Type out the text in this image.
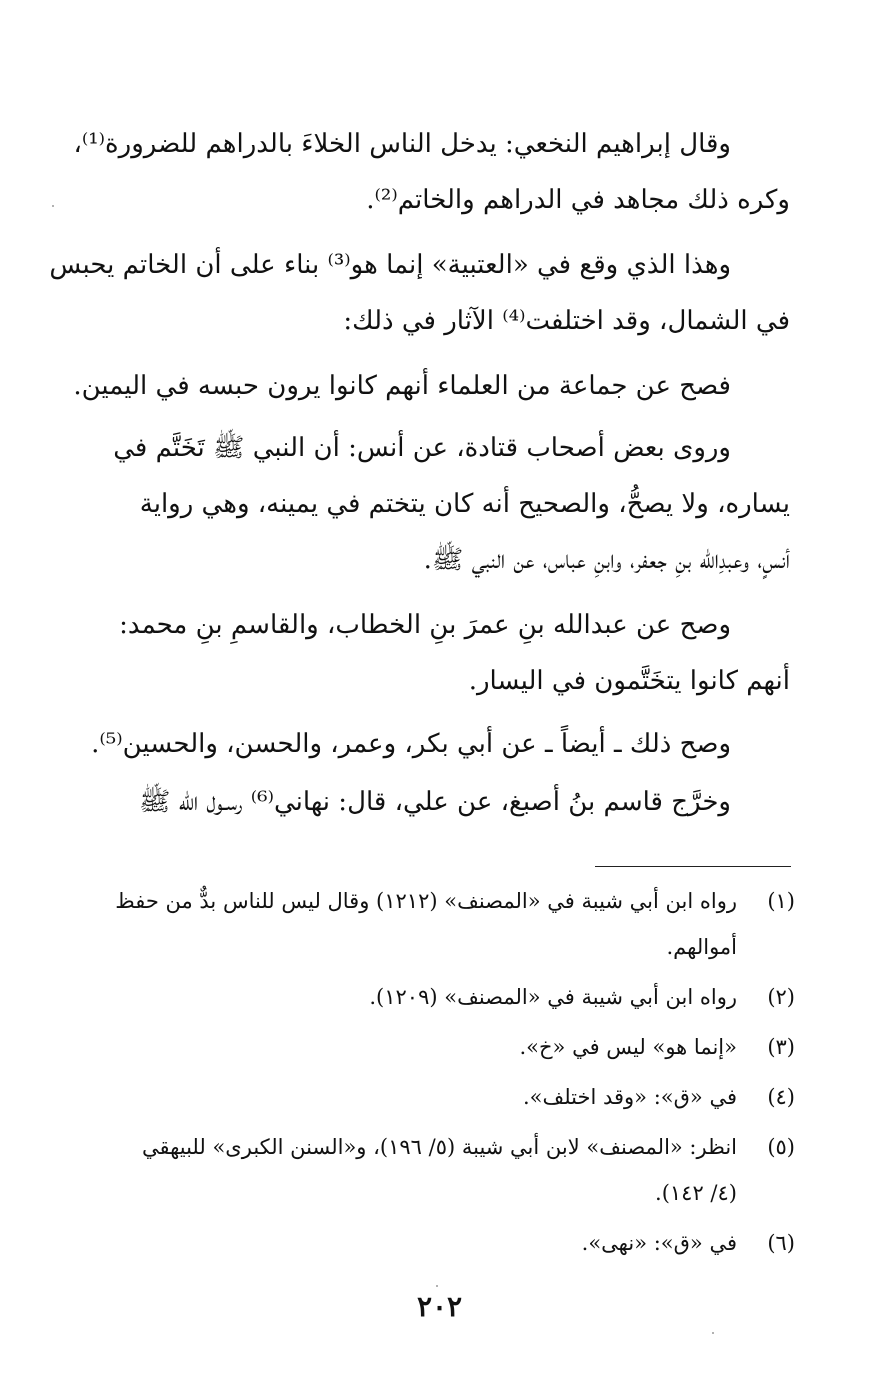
وقال إبراهيم النخعي: يدخل الناس الخلاءَ بالدراهم للضرورة⁽¹⁾،
وكره ذلك مجاهد في الدراهم والخاتم⁽²⁾.
وهذا الذي وقع في «العتبية» إنما هو⁽³⁾ بناء على أن الخاتم يحبس
في الشمال، وقد اختلفت⁽⁴⁾ الآثار في ذلك:
فصح عن جماعة من العلماء أنهم كانوا يرون حبسه في اليمين.
وروى بعض أصحاب قتادة، عن أنس: أن النبي ﷺ تَخَتَّم في
يساره، ولا يصحُّ، والصحيح أنه كان يتختم في يمينه، وهي رواية
أنسٍ، وعبدِالله بنِ جعفر، وابنِ عباس، عن النبي ﷺ.
وصح عن عبدالله بنِ عمرَ بنِ الخطاب، والقاسمِ بنِ محمد:
أنهم كانوا يتخَتَّمون في اليسار.
وصح ذلك ـ أيضاً ـ عن أبي بكر، وعمر، والحسن، والحسين⁽⁵⁾.
وخرَّج قاسم بنُ أصبغ، عن علي، قال: نهاني⁽⁶⁾ رسـول الله ﷺ
(١)
رواه ابن أبي شيبة في «المصنف» (١٢١٢) وقال ليس للناس بدٌّ من حفظ
أموالهم.
(٢)
رواه ابن أبي شيبة في «المصنف» (١٢٠٩).
(٣)
«إنما هو» ليس في «خ».
(٤)
في «ق»: «وقد اختلف».
(٥)
انظر: «المصنف» لابن أبي شيبة (٥/ ١٩٦)، و«السنن الكبرى» للبيهقي
(٤/ ١٤٢).
(٦)
في «ق»: «نهى».
٢٠٢
